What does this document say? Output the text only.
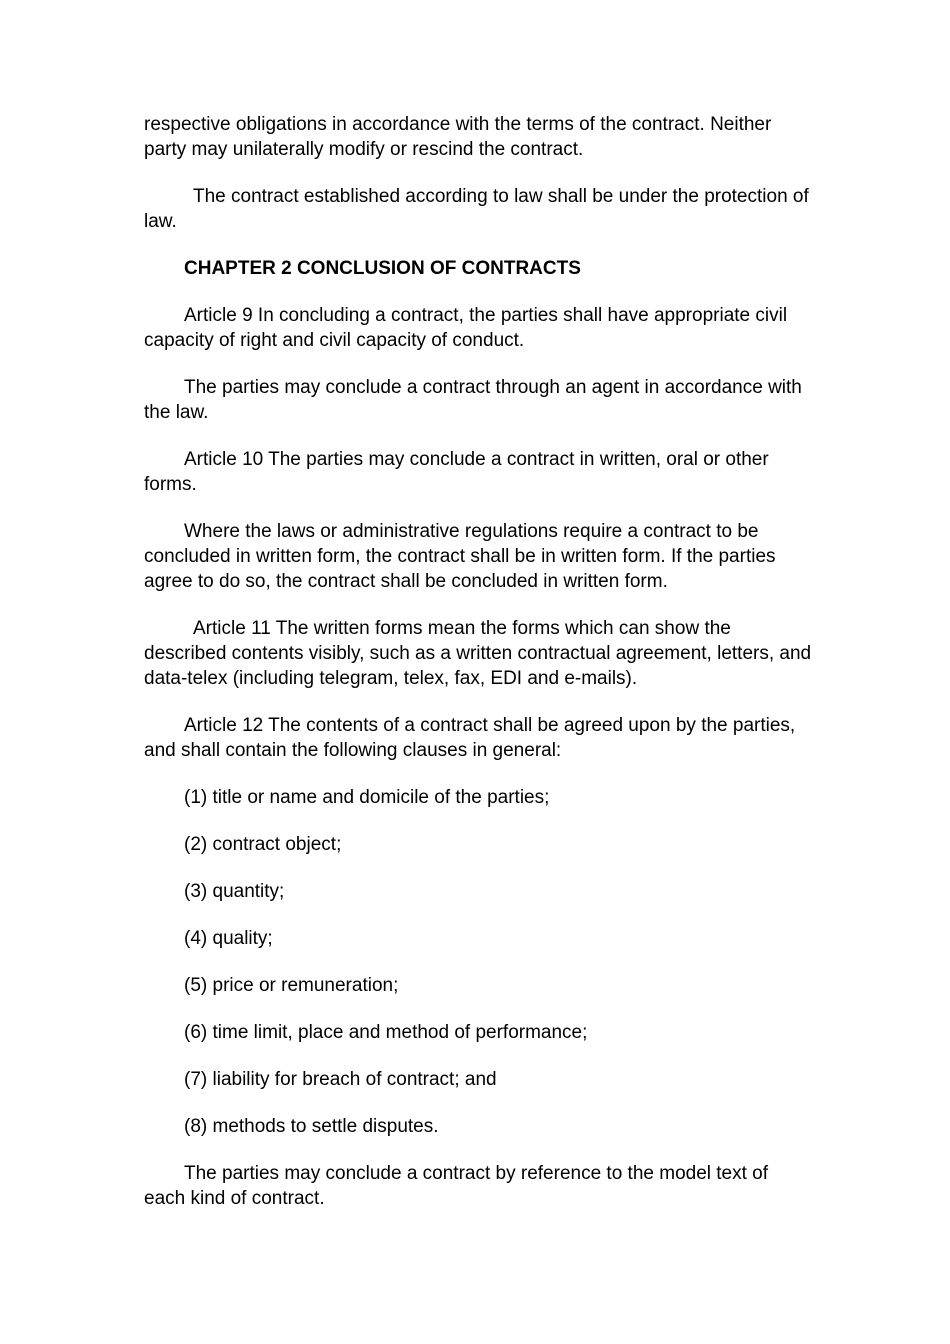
respective obligations in accordance with the terms of the contract. Neither party may unilaterally modify or rescind the contract.

The contract established according to law shall be under the protection of law.

CHAPTER 2 CONCLUSION OF CONTRACTS

Article 9 In concluding a contract, the parties shall have appropriate civil capacity of right and civil capacity of conduct.

The parties may conclude a contract through an agent in accordance with the law.

Article 10 The parties may conclude a contract in written, oral or other forms.

Where the laws or administrative regulations require a contract to be concluded in written form, the contract shall be in written form. If the parties agree to do so, the contract shall be concluded in written form.

Article 11 The written forms mean the forms which can show the described contents visibly, such as a written contractual agreement, letters, and data-telex (including telegram, telex, fax, EDI and e-mails).

Article 12 The contents of a contract shall be agreed upon by the parties, and shall contain the following clauses in general:

(1) title or name and domicile of the parties;

(2) contract object;

(3) quantity;

(4) quality;

(5) price or remuneration;

(6) time limit, place and method of performance;

(7) liability for breach of contract; and

(8) methods to settle disputes.

The parties may conclude a contract by reference to the model text of each kind of contract.
